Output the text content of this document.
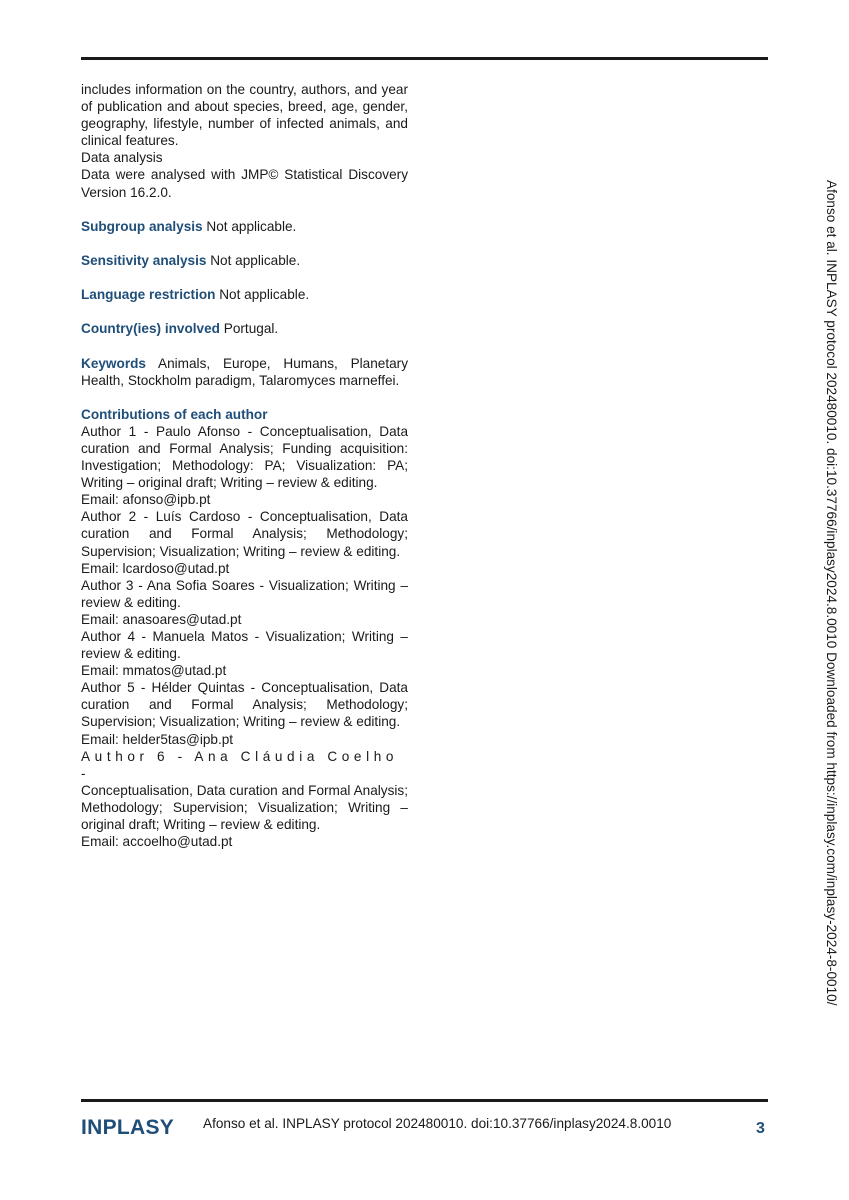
includes information on the country, authors, and year of publication and about species, breed, age, gender, geography, lifestyle, number of infected animals, and clinical features.

Data analysis

Data were analysed with JMP© Statistical Discovery Version 16.2.0.

Subgroup analysis Not applicable.

Sensitivity analysis Not applicable.

Language restriction Not applicable.

Country(ies) involved Portugal.

Keywords Animals, Europe, Humans, Planetary Health, Stockholm paradigm, Talaromyces marneffei.

Contributions of each author

Author 1 - Paulo Afonso - Conceptualisation, Data curation and Formal Analysis; Funding acquisition: Investigation; Methodology: PA; Visualization: PA; Writing – original draft; Writing – review & editing.

Email: afonso@ipb.pt

Author 2 - Luís Cardoso - Conceptualisation, Data curation and Formal Analysis; Methodology; Supervision; Visualization; Writing – review & editing.

Email: lcardoso@utad.pt

Author 3 - Ana Sofia Soares - Visualization; Writing – review & editing.

Email: anasoares@utad.pt

Author 4 - Manuela Matos - Visualization; Writing – review & editing.

Email: mmatos@utad.pt

Author 5 - Hélder Quintas - Conceptualisation, Data curation and Formal Analysis; Methodology; Supervision; Visualization; Writing – review & editing.

Email: helder5tas@ipb.pt

Author 6 - Ana Cláudia Coelho -

Conceptualisation, Data curation and Formal Analysis; Methodology; Supervision; Visualization; Writing – original draft; Writing – review & editing.

Email: accoelho@utad.pt	Afonso et al. INPLASY protocol 202480010. doi:10.37766/inplasy2024.8.0010 Downloaded from https://inplasy.com/inplasy-2024-8-0010/
INPLASY Afonso et al. INPLASY protocol 202480010. doi:10.37766/inplasy2024.8.0010	3
